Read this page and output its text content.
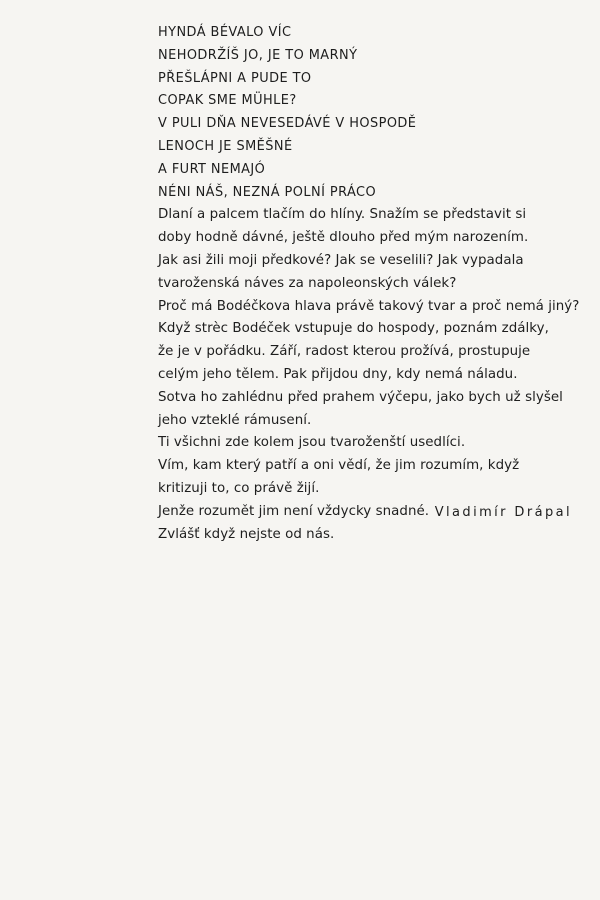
HYNDÁ BÉVALO VÍC
NEHODRŽÍŠ JO, JE TO MARNÝ
PŘEŠLÁPNI A PUDE TO
COPAK SME MÜHLE?
V PULI DŇA NEVESEDÁVÉ V HOSPODĚ
LENOCH JE SMĚŠNÉ
A FURT NEMAJÓ
NÉNI NÁŠ, NEZNÁ POLNÍ PRÁCO
Dlaní a palcem tlačím do hlíny. Snažím se představit si
doby hodně dávné, ještě dlouho před mým narozením.
Jak asi žili moji předkové? Jak se veselili? Jak vypadala
tvaroženská náves za napoleonských válek?
Proč má Bodéčkova hlava právě takový tvar a proč nemá jiný?
Když strèc Bodéček vstupuje do hospody, poznám zdálky,
že je v pořádku. Září, radost kterou prožívá, prostupuje
celým jeho tělem. Pak přijdou dny, kdy nemá náladu.
Sotva ho zahlédnu před prahem výčepu, jako bych už slyšel
jeho vzteklé rámusení.
Ti všichni zde kolem jsou tvaroženští usedlíci.
Vím, kam který patří a oni vědí, že jim rozumím, když
kritizuji to, co právě žijí.
Jenže rozumět jim není vždycky snadné.
Zvlášť když nejste od nás.
Vladimír Drápal
